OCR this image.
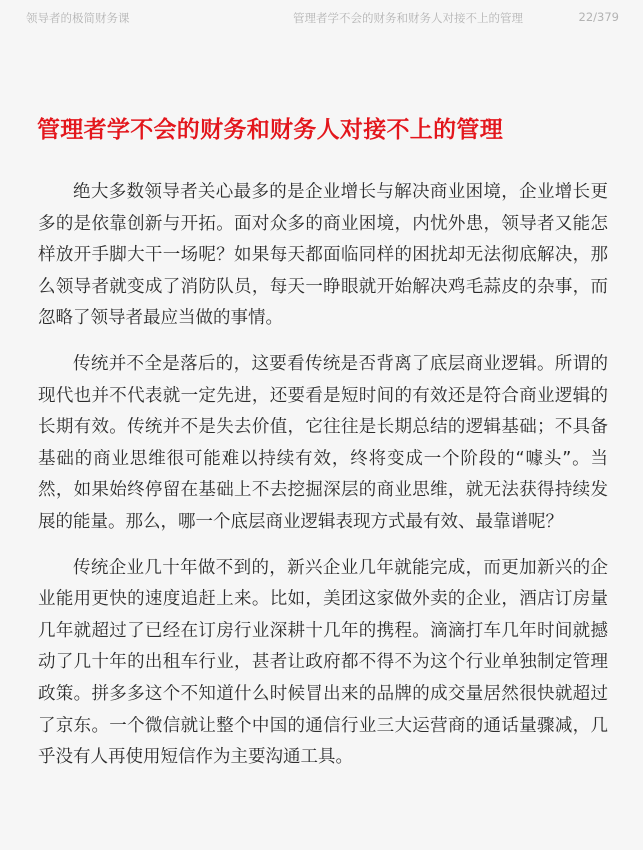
领导者的极简财务课	管理者学不会的财务和财务人对接不上的管理	22/379
管理者学不会的财务和财务人对接不上的管理

绝大多数领导者关心最多的是企业增长与解决商业困境，企业增长更多的是依靠创新与开拓。面对众多的商业困境，内忧外患，领导者又能怎样放开手脚大干一场呢？如果每天都面临同样的困扰却无法彻底解决，那么领导者就变成了消防队员，每天一睁眼就开始解决鸡毛蒜皮的杂事，而忽略了领导者最应当做的事情。

传统并不全是落后的，这要看传统是否背离了底层商业逻辑。所谓的现代也并不代表就一定先进，还要看是短时间的有效还是符合商业逻辑的长期有效。传统并不是失去价值，它往往是长期总结的逻辑基础；不具备基础的商业思维很可能难以持续有效，终将变成一个阶段的“噱头”。当然，如果始终停留在基础上不去挖掘深层的商业思维，就无法获得持续发展的能量。那么，哪一个底层商业逻辑表现方式最有效、最靠谱呢？

传统企业几十年做不到的，新兴企业几年就能完成，而更加新兴的企业能用更快的速度追赶上来。比如，美团这家做外卖的企业，酒店订房量几年就超过了已经在订房行业深耕十几年的携程。滴滴打车几年时间就撼动了几十年的出租车行业，甚者让政府都不得不为这个行业单独制定管理政策。拼多多这个不知道什么时候冒出来的品牌的成交量居然很快就超过了京东。一个微信就让整个中国的通信行业三大运营商的通话量骤减，几乎没有人再使用短信作为主要沟通工具。
